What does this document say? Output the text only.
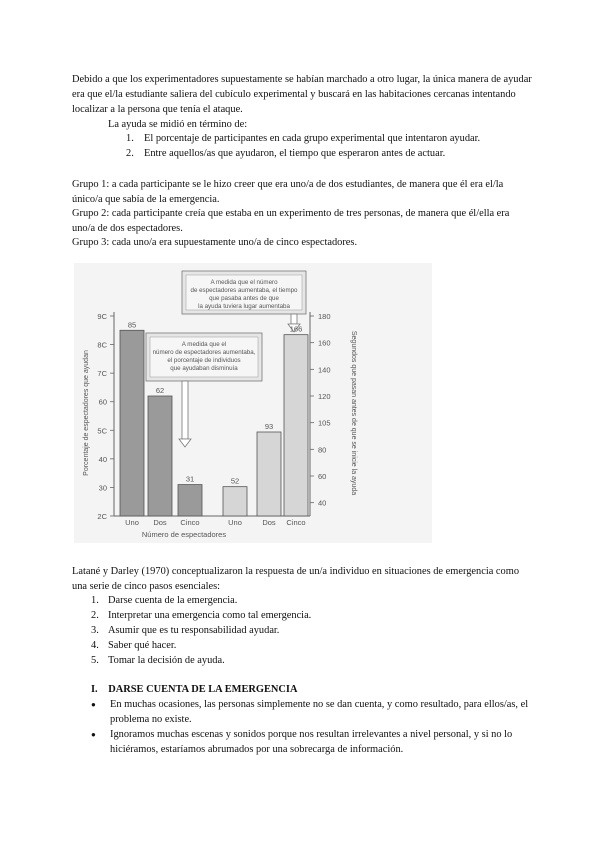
Debido a que los experimentadores supuestamente se habían marchado a otro lugar, la única manera de ayudar era que el/la estudiante saliera del cubículo experimental y buscará en las habitaciones cercanas intentando localizar a la persona que tenía el ataque.

La ayuda se midió en término de:

1. El porcentaje de participantes en cada grupo experimental que intentaron ayudar.
2. Entre aquellos/as que ayudaron, el tiempo que esperaron antes de actuar.

Grupo 1: a cada participante se le hizo creer que era uno/a de dos estudiantes, de manera que él era el/la único/a que sabía de la emergencia.

Grupo 2: cada participante creía que estaba en un experimento de tres personas, de manera que él/ella era uno/a de dos espectadores.

Grupo 3: cada uno/a era supuestamente uno/a de cinco espectadores.

Porcentaje de espectadores que ayudan	Segundos que pasan antes de que se inicie la ayuda
Número de espectadores
A medida que el número
de espectadores aumentaba, el tiempo
que pasaba antes de que
la ayuda tuviera lugar aumentaba
A medida que el
número de espectadores aumentaba,
el porcentaje de individuos
que ayudaban disminuía
2C
30
40
5C
60
7C
8C
9C
40
60
80
105
120
140
160
180
85
Uno
62
Dos
31
Cinco
52
Uno
93
Dos
166
Cinco

Latané y Darley (1970) conceptualizaron la respuesta de un/a individuo en situaciones de emergencia como una serie de cinco pasos esenciales:

1. Darse cuenta de la emergencia.
2. Interpretar una emergencia como tal emergencia.
3. Asumir que es tu responsabilidad ayudar.
4. Saber qué hacer.
5. Tomar la decisión de ayuda.
I. DARSE CUENTA DE LA EMERGENCIA
● En muchas ocasiones, las personas simplemente no se dan cuenta, y como resultado, para ellos/as, el problema no existe.
● Ignoramos muchas escenas y sonidos porque nos resultan irrelevantes a nivel personal, y si no lo hiciéramos, estaríamos abrumados por una sobrecarga de información.
